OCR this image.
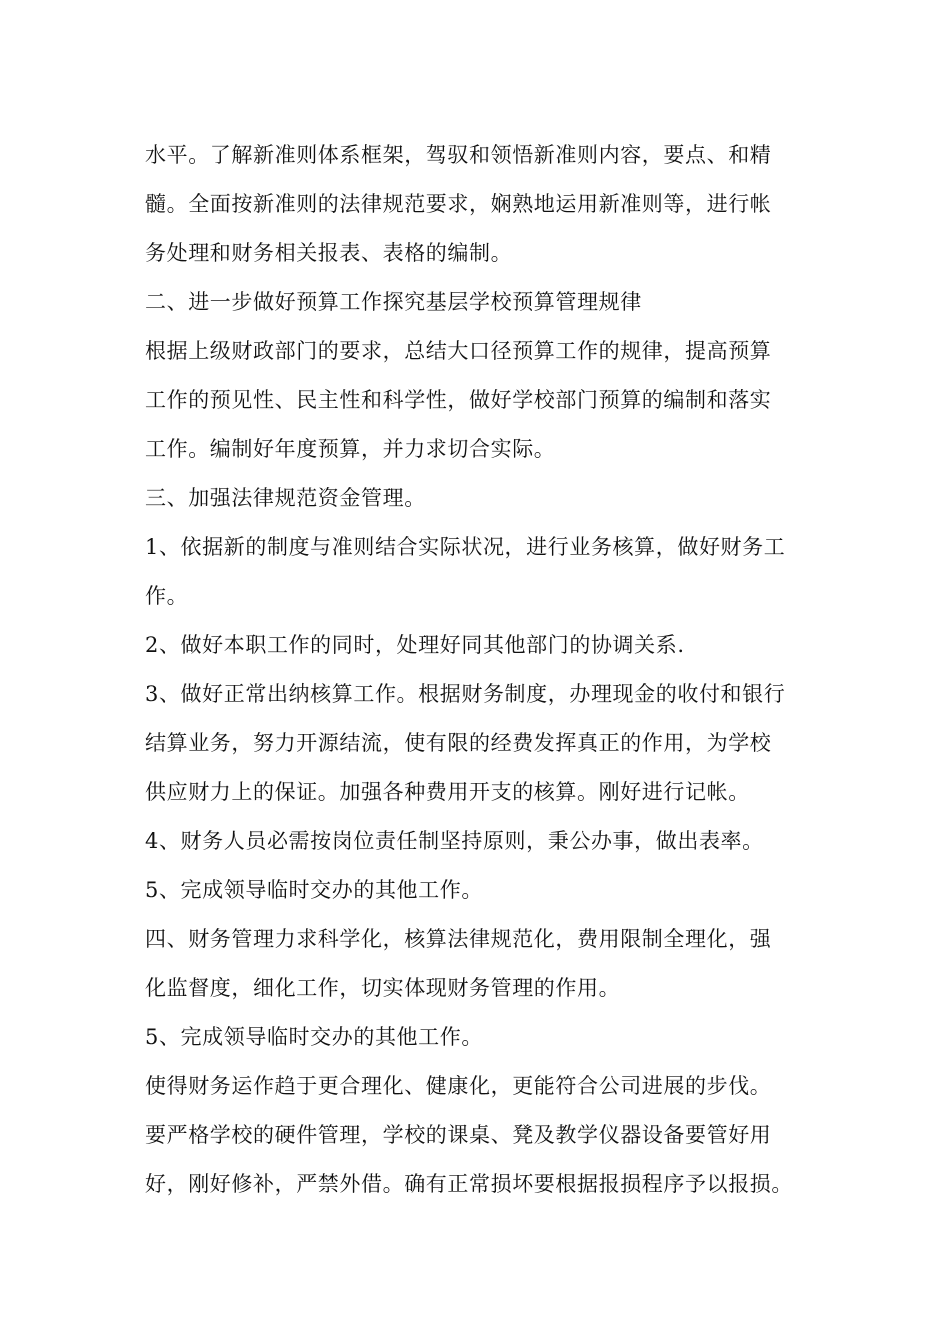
水平。了解新准则体系框架，驾驭和领悟新准则内容，要点、和精
髓。全面按新准则的法律规范要求，娴熟地运用新准则等，进行帐
务处理和财务相关报表、表格的编制。
二、进一步做好预算工作探究基层学校预算管理规律
根据上级财政部门的要求，总结大口径预算工作的规律，提高预算
工作的预见性、民主性和科学性，做好学校部门预算的编制和落实
工作。编制好年度预算，并力求切合实际。
三、加强法律规范资金管理。
1、依据新的制度与准则结合实际状况，进行业务核算，做好财务工
作。
2、做好本职工作的同时，处理好同其他部门的协调关系.
3、做好正常出纳核算工作。根据财务制度，办理现金的收付和银行
结算业务，努力开源结流，使有限的经费发挥真正的作用，为学校
供应财力上的保证。加强各种费用开支的核算。刚好进行记帐。
4、财务人员必需按岗位责任制坚持原则，秉公办事，做出表率。
5、完成领导临时交办的其他工作。
四、财务管理力求科学化，核算法律规范化，费用限制全理化，强
化监督度，细化工作，切实体现财务管理的作用。
5、完成领导临时交办的其他工作。
使得财务运作趋于更合理化、健康化，更能符合公司进展的步伐。
要严格学校的硬件管理，学校的课桌、凳及教学仪器设备要管好用
好，刚好修补，严禁外借。确有正常损坏要根据报损程序予以报损。
